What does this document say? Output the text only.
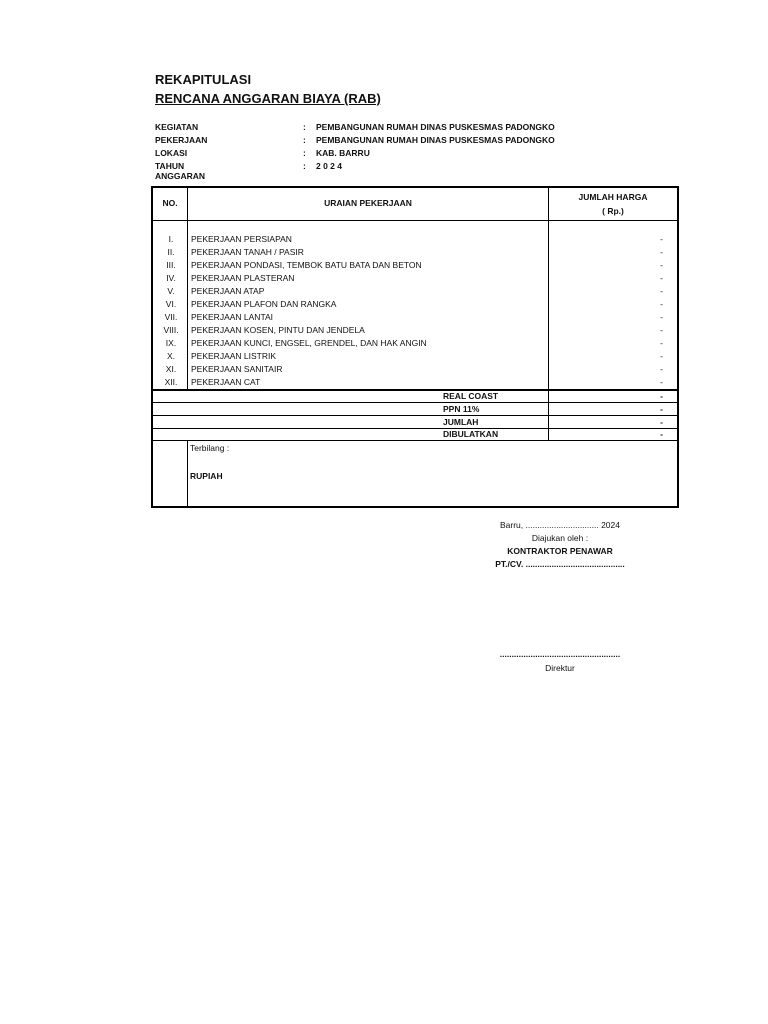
REKAPITULASI
RENCANA ANGGARAN BIAYA (RAB)
KEGIATAN	: PEMBANGUNAN RUMAH DINAS PUSKESMAS PADONGKO
PEKERJAAN	: PEMBANGUNAN RUMAH DINAS PUSKESMAS PADONGKO
LOKASI	: KAB. BARRU
TAHUN ANGGARAN
: 2 0 2 4
NO.	URAIAN PEKERJAAN
JUMLAH HARGA
( Rp.)
I.	PEKERJAAN PERSIAPAN	-
II.	PEKERJAAN TANAH / PASIR	-
III.	PEKERJAAN PONDASI, TEMBOK BATU BATA DAN BETON	-
IV.	PEKERJAAN PLASTERAN	-
V.	PEKERJAAN ATAP	-
VI.	PEKERJAAN PLAFON DAN RANGKA	-
VII.	PEKERJAAN LANTAI	-
VIII.	PEKERJAAN KOSEN, PINTU DAN JENDELA	-
IX.	PEKERJAAN KUNCI, ENGSEL, GRENDEL, DAN HAK ANGIN	-
X.	PEKERJAAN LISTRIK	-
XI.	PEKERJAAN SANITAIR	-
XII.	PEKERJAAN CAT	-
REAL COAST	-
PPN 11%	-
JUMLAH	-
DIBULATKAN	-
Terbilang :
RUPIAH
Barru, ............................... 2024
Diajukan oleh :
KONTRAKTOR PENAWAR
PT./CV. ..........................................
...................................................
Direktur
